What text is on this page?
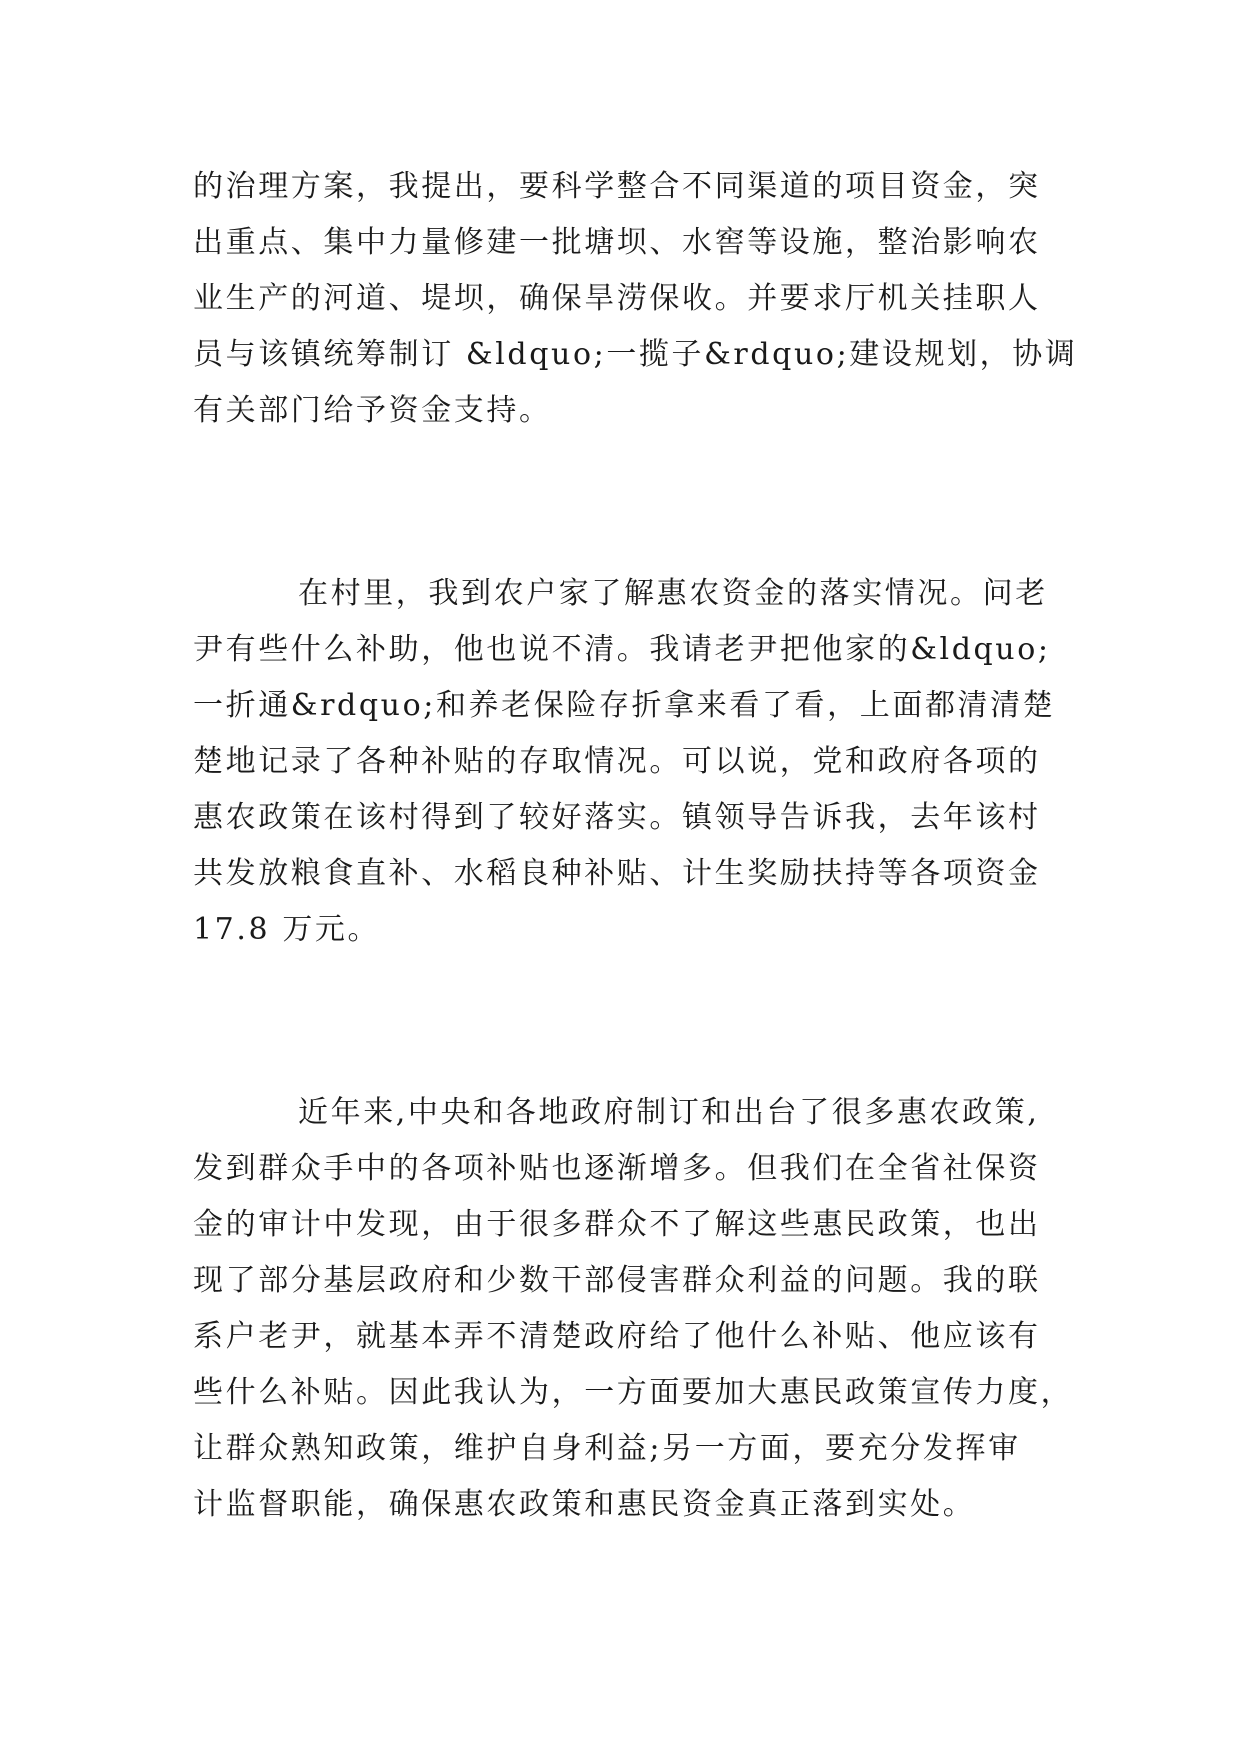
的治理方案，我提出，要科学整合不同渠道的项目资金，突
出重点、集中力量修建一批塘坝、水窖等设施，整治影响农
业生产的河道、堤坝，确保旱涝保收。并要求厅机关挂职人
员与该镇统筹制订 &ldquo;一揽子&rdquo;建设规划，协调
有关部门给予资金支持。
在村里，我到农户家了解惠农资金的落实情况。问老
尹有些什么补助，他也说不清。我请老尹把他家的&ldquo;
一折通&rdquo;和养老保险存折拿来看了看，上面都清清楚
楚地记录了各种补贴的存取情况。可以说，党和政府各项的
惠农政策在该村得到了较好落实。镇领导告诉我，去年该村
共发放粮食直补、水稻良种补贴、计生奖励扶持等各项资金
17.8 万元。
近年来,中央和各地政府制订和出台了很多惠农政策,
发到群众手中的各项补贴也逐渐增多。但我们在全省社保资
金的审计中发现，由于很多群众不了解这些惠民政策，也出
现了部分基层政府和少数干部侵害群众利益的问题。我的联
系户老尹，就基本弄不清楚政府给了他什么补贴、他应该有
些什么补贴。因此我认为，一方面要加大惠民政策宣传力度，
让群众熟知政策，维护自身利益;另一方面，要充分发挥审
计监督职能，确保惠农政策和惠民资金真正落到实处。
